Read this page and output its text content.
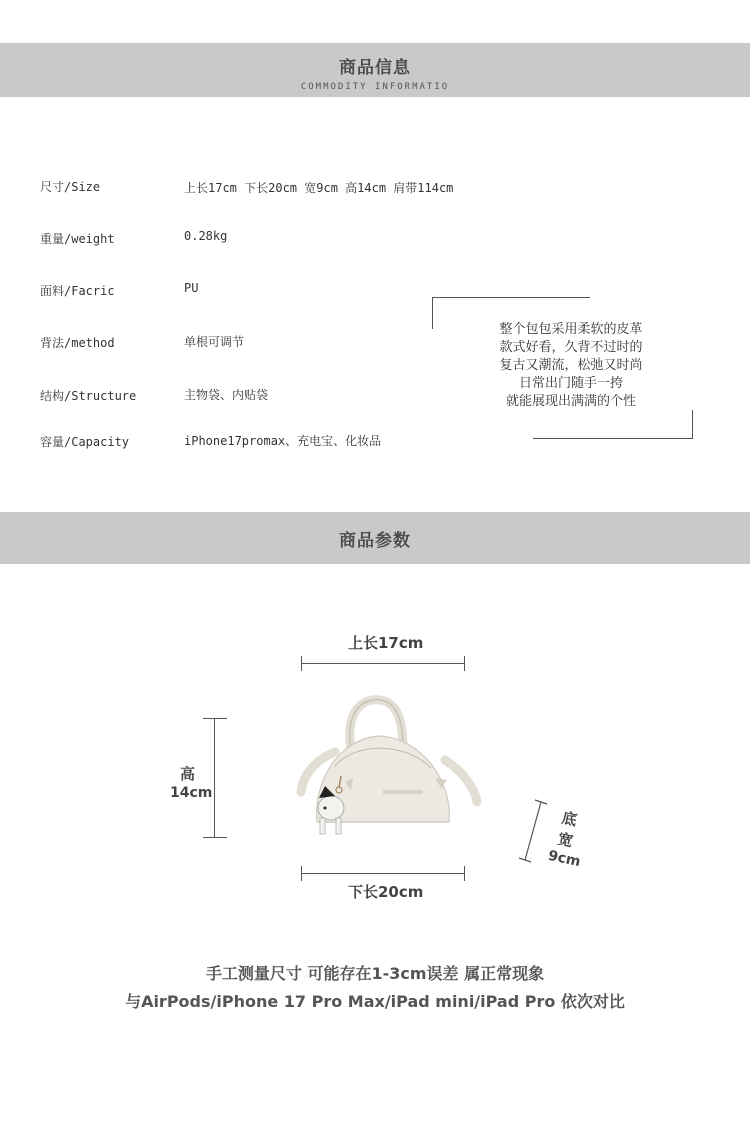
商品信息
COMMODITY INFORMATIO
尺寸/Size	上长17cm 下长20cm 宽9cm 高14cm 肩带114cm
重量/weight	0.28kg
面料/Facric	PU
背法/method	单根可调节
结构/Structure	主物袋、内贴袋
容量/Capacity	iPhone17promax、充电宝、化妆品
整个包包采用柔软的皮革
款式好看，久背不过时的
复古又潮流，松弛又时尚
日常出门随手一挎
就能展现出满满的个性
商品参数
上长17cm
高
14cm
下长20cm
底
宽
9cm
手工测量尺寸 可能存在1-3cm误差 属正常现象
与AirPods/iPhone 17 Pro Max/iPad mini/iPad Pro 依次对比
